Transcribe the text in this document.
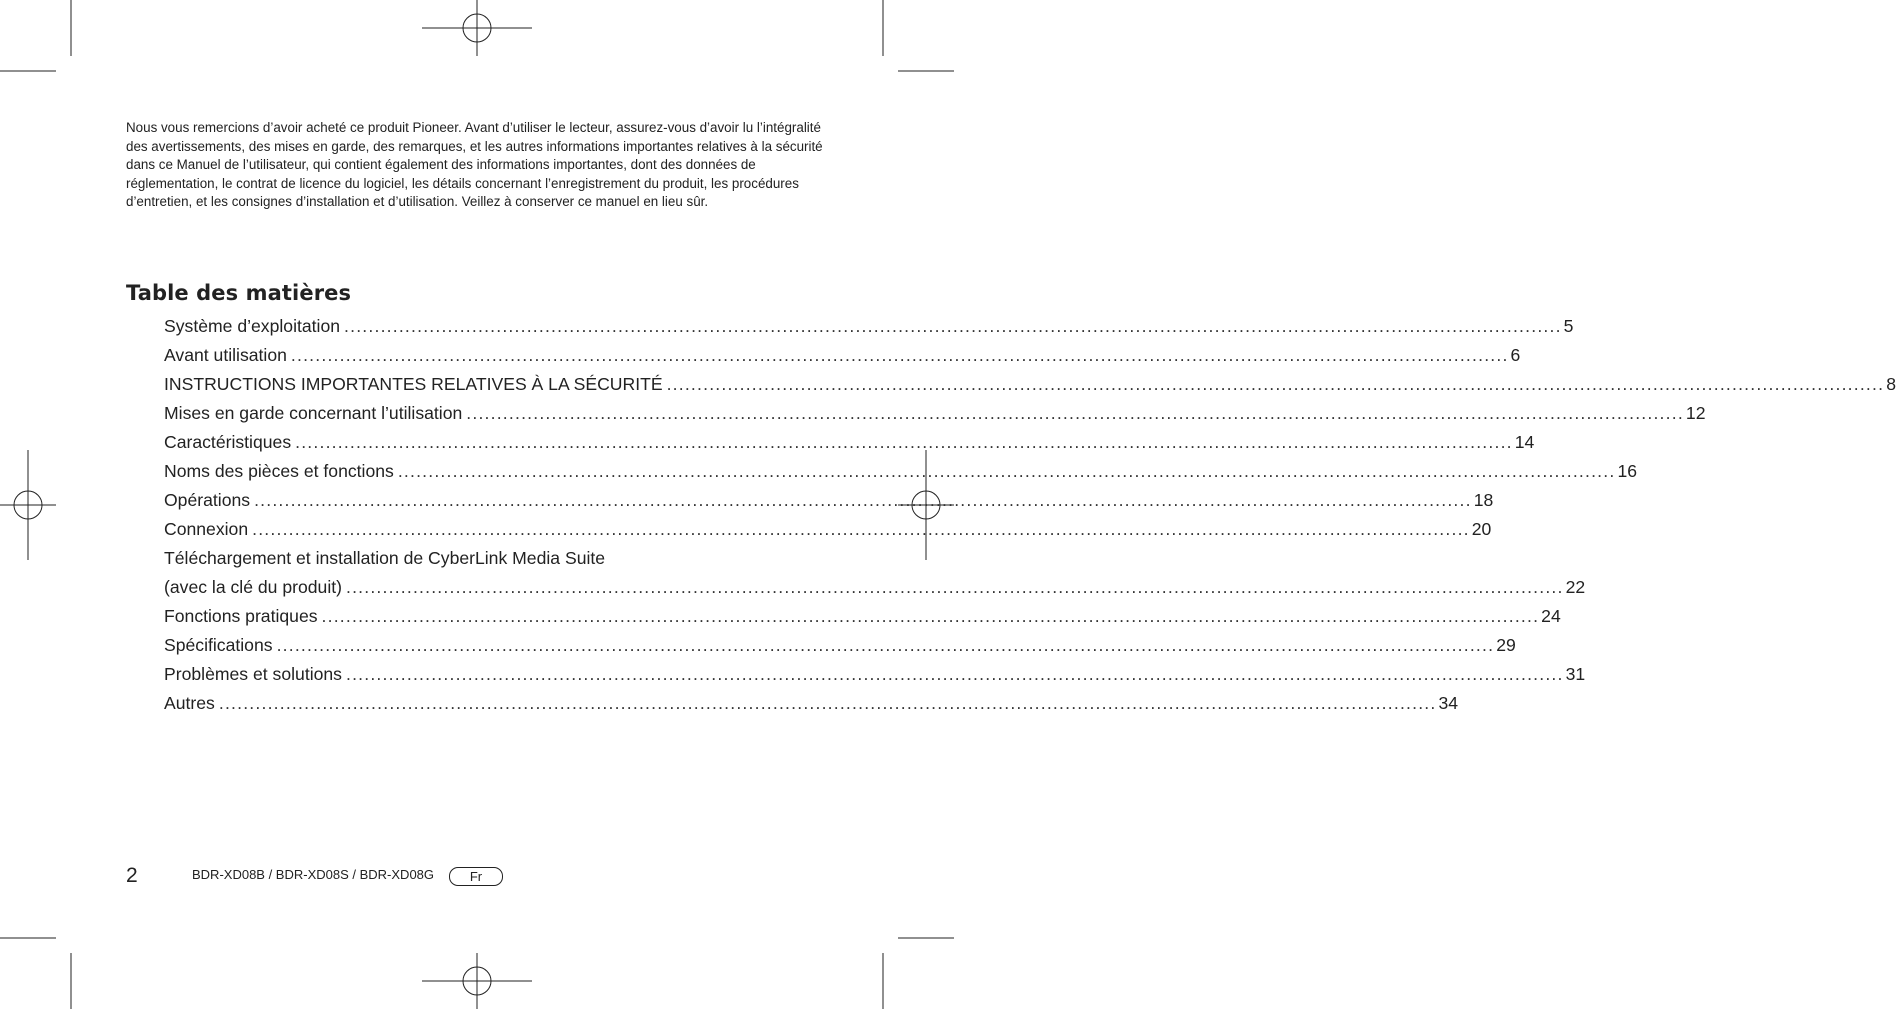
Nous vous remercions d’avoir acheté ce produit Pioneer. Avant d’utiliser le lecteur, assurez-vous d’avoir lu l’intégralité des avertissements, des mises en garde, des remarques, et les autres informations importantes relatives à la sécurité dans ce Manuel de l’utilisateur, qui contient également des informations importantes, dont des données de réglementation, le contrat de licence du logiciel, les détails concernant l’enregistrement du produit, les procédures d’entretien, et les consignes d’installation et d’utilisation. Veillez à conserver ce manuel en lieu sûr.

Table des matières
Système d’exploitation ........................................................................................................................................................................................................ 5
Avant utilisation ........................................................................................................................................................................................................ 6
INSTRUCTIONS IMPORTANTES RELATIVES À LA SÉCURITÉ ........................................................................................................................................................................................................ 8
Mises en garde concernant l’utilisation ........................................................................................................................................................................................................ 12
Caractéristiques ........................................................................................................................................................................................................ 14
Noms des pièces et fonctions ........................................................................................................................................................................................................ 16
Opérations ........................................................................................................................................................................................................ 18
Connexion ........................................................................................................................................................................................................ 20
Téléchargement et installation de CyberLink Media Suite
(avec la clé du produit) ........................................................................................................................................................................................................ 22
Fonctions pratiques ........................................................................................................................................................................................................ 24
Spécifications ........................................................................................................................................................................................................ 29
Problèmes et solutions ........................................................................................................................................................................................................ 31
Autres ........................................................................................................................................................................................................ 34
2	BDR-XD08B / BDR-XD08S / BDR-XD08G	Fr
